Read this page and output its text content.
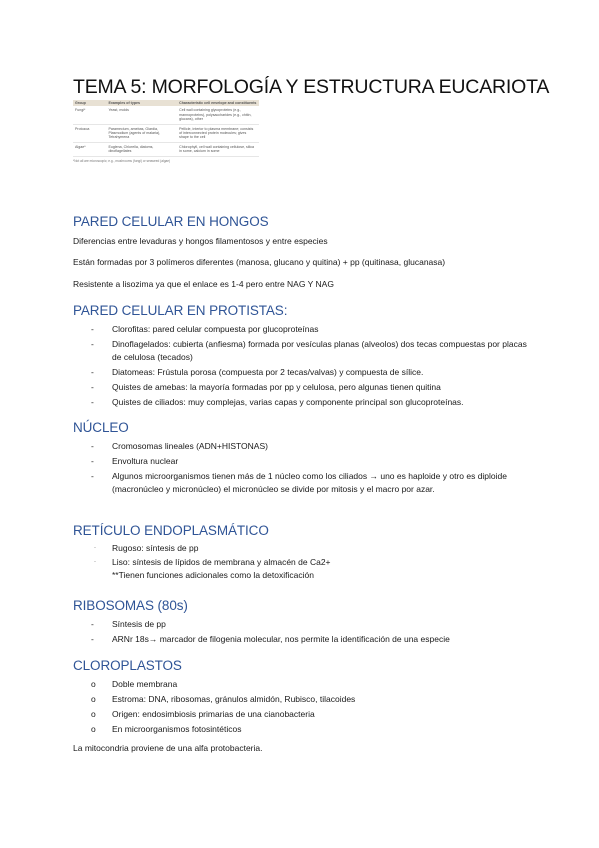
TEMA 5: MORFOLOGÍA Y ESTRUCTURA EUCARIOTA
Group	Examples of types	Characteristic cell envelope and constituents
Fungi*	Yeast, molds	Cell wall containing glycoproteins (e.g., mannoproteins), polysaccharides (e.g., chitin, glucans), other
Protozoa	Paramecium, amebas, Giardia, Plasmodium (agents of malaria), Tetrahymena	Pellicle, interior to plasma membrane; consists of interconnected protein molecules; gives shape to the cell
Algae*	Euglena, Chlorella, diatoms, dinoflagellates	Chlorophyll, cell wall containing cellulose, silica in some, calcium in some
*Not all are microscopic; e.g., mushrooms (fungi) or seaweed (algae)
PARED CELULAR EN HONGOS
Diferencias entre levaduras y hongos filamentosos y entre especies
Están formadas por 3 polímeros diferentes (manosa, glucano y quitina) + pp (quitinasa, glucanasa)
Resistente a lisozima ya que el enlace es 1-4 pero entre NAG Y NAG
PARED CELULAR EN PROTISTAS:
-	Clorofitas: pared celular compuesta por glucoproteínas
-	Dinoflagelados: cubierta (anfiesma) formada por vesículas planas (alveolos) dos tecas compuestas por placas de celulosa (tecados)
-	Diatomeas: Frústula porosa (compuesta por 2 tecas/valvas) y compuesta de sílice.
-	Quistes de amebas: la mayoría formadas por pp y celulosa, pero algunas tienen quitina
-	Quistes de ciliados: muy complejas, varias capas y componente principal son glucoproteínas.
NÚCLEO
-	Cromosomas lineales (ADN+HISTONAS)
-	Envoltura nuclear
-	Algunos microorganismos tienen más de 1 núcleo como los ciliados → uno es haploide y otro es diploide (macronúcleo y micronúcleo) el micronúcleo se divide por mitosis y el macro por azar.
RETÍCULO ENDOPLASMÁTICO
·	Rugoso: síntesis de pp
·	Liso: síntesis de lípidos de membrana y almacén de Ca2+
**Tienen funciones adicionales como la detoxificación
RIBOSOMAS (80s)
-	Síntesis de pp
-	ARNr 18s→ marcador de filogenia molecular, nos permite la identificación de una especie
CLOROPLASTOS
o	Doble membrana
o	Estroma: DNA, ribosomas, gránulos almidón, Rubisco, tilacoides
o	Origen: endosimbiosis primarias de una cianobacteria
o	En microorganismos fotosintéticos
La mitocondria proviene de una alfa protobacteria.
